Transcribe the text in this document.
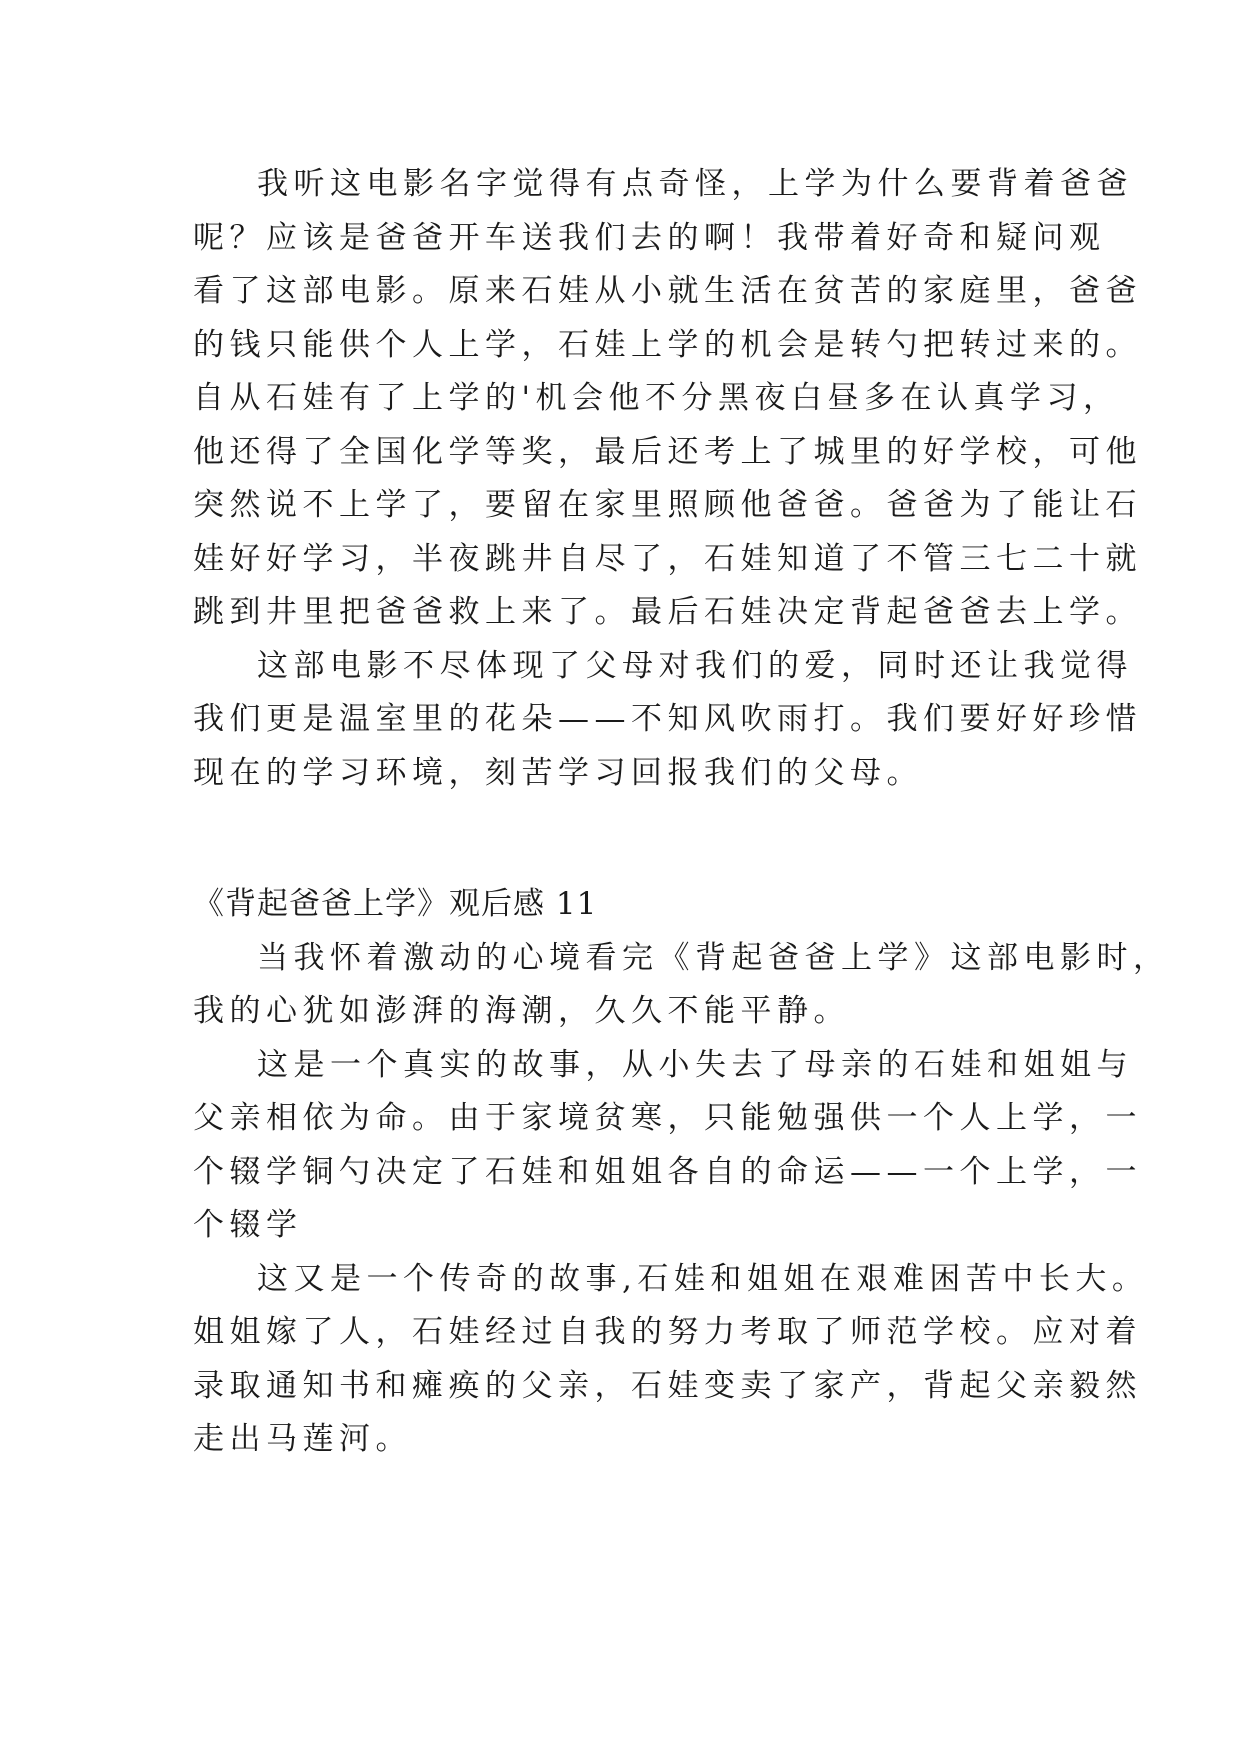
我听这电影名字觉得有点奇怪，上学为什么要背着爸爸
呢？应该是爸爸开车送我们去的啊！我带着好奇和疑问观
看了这部电影。原来石娃从小就生活在贫苦的家庭里，爸爸
的钱只能供个人上学，石娃上学的机会是转勺把转过来的。
自从石娃有了上学的'机会他不分黑夜白昼多在认真学习，
他还得了全国化学等奖，最后还考上了城里的好学校，可他
突然说不上学了，要留在家里照顾他爸爸。爸爸为了能让石
娃好好学习，半夜跳井自尽了，石娃知道了不管三七二十就
跳到井里把爸爸救上来了。最后石娃决定背起爸爸去上学。
这部电影不尽体现了父母对我们的爱，同时还让我觉得
我们更是温室里的花朵——不知风吹雨打。我们要好好珍惜
现在的学习环境，刻苦学习回报我们的父母。
《背起爸爸上学》观后感 11
当我怀着激动的心境看完《背起爸爸上学》这部电影时，
我的心犹如澎湃的海潮，久久不能平静。
这是一个真实的故事，从小失去了母亲的石娃和姐姐与
父亲相依为命。由于家境贫寒，只能勉强供一个人上学，一
个辍学铜勺决定了石娃和姐姐各自的命运——一个上学，一
个辍学
这又是一个传奇的故事,石娃和姐姐在艰难困苦中长大。
姐姐嫁了人，石娃经过自我的努力考取了师范学校。应对着
录取通知书和瘫痪的父亲，石娃变卖了家产，背起父亲毅然
走出马莲河。
